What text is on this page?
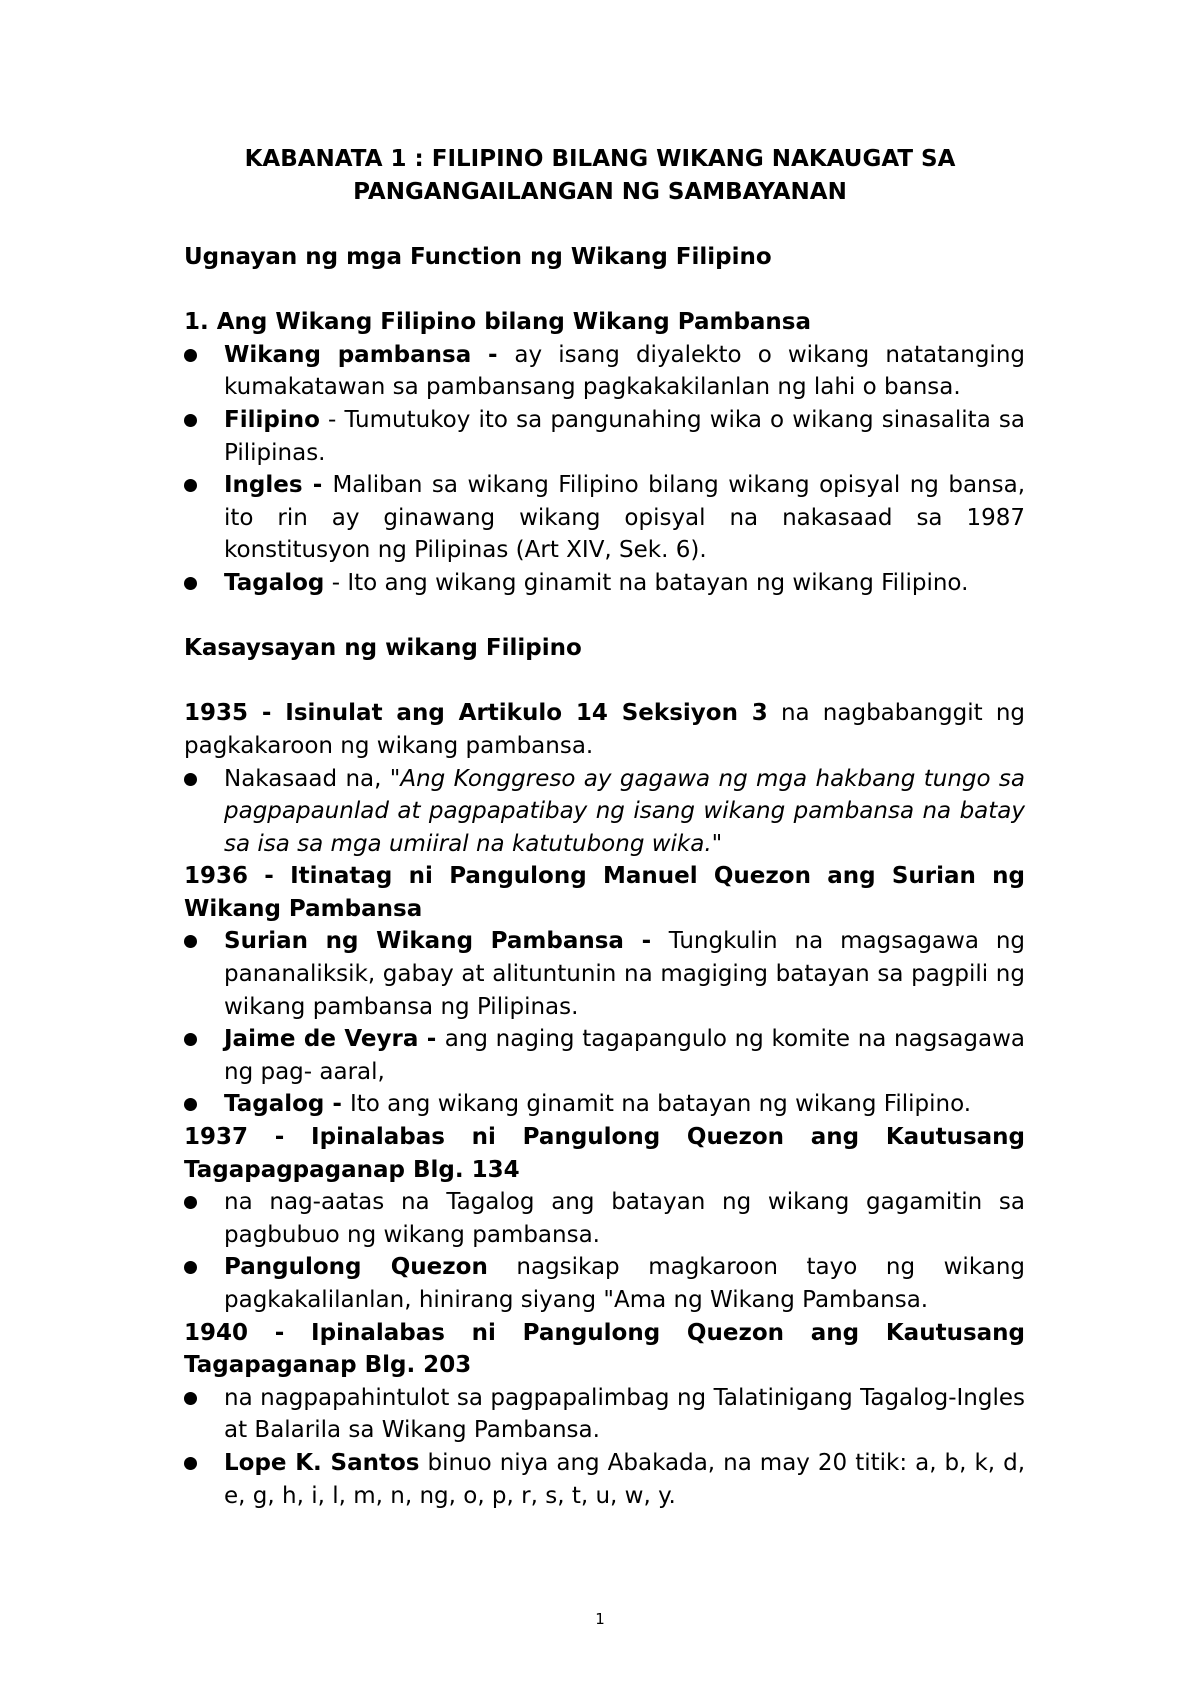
KABANATA 1 : FILIPINO BILANG WIKANG NAKAUGAT SA
PANGANGAILANGAN NG SAMBAYANAN

Ugnayan ng mga Function ng Wikang Filipino

1. Ang Wikang Filipino bilang Wikang Pambansa

Wikang pambansa - ay isang diyalekto o wikang natatanging kumakatawan sa pambansang pagkakakilanlan ng lahi o bansa.
Filipino - Tumutukoy ito sa pangunahing wika o wikang sinasalita sa Pilipinas.
Ingles - Maliban sa wikang Filipino bilang wikang opisyal ng bansa, ito rin ay ginawang wikang opisyal na nakasaad sa 1987 konstitusyon ng Pilipinas (Art XIV, Sek. 6).
Tagalog - Ito ang wikang ginamit na batayan ng wikang Filipino.

Kasaysayan ng wikang Filipino

1935 - Isinulat ang Artikulo 14 Seksiyon 3 na nagbabanggit ng pagkakaroon ng wikang pambansa.

Nakasaad na, "Ang Konggreso ay gagawa ng mga hakbang tungo sa pagpapaunlad at pagpapatibay ng isang wikang pambansa na batay sa isa sa mga umiiral na katutubong wika."

1936 - Itinatag ni Pangulong Manuel Quezon ang Surian ng Wikang Pambansa

Surian ng Wikang Pambansa - Tungkulin na magsagawa ng pananaliksik, gabay at alituntunin na magiging batayan sa pagpili ng wikang pambansa ng Pilipinas.
Jaime de Veyra - ang naging tagapangulo ng komite na nagsagawa ng pag- aaral,
Tagalog - Ito ang wikang ginamit na batayan ng wikang Filipino.

1937 - Ipinalabas ni Pangulong Quezon ang Kautusang Tagapagpaganap Blg. 134

na nag-aatas na Tagalog ang batayan ng wikang gagamitin sa pagbubuo ng wikang pambansa.
Pangulong Quezon nagsikap magkaroon tayo ng wikang pagkakalilanlan, hinirang siyang "Ama ng Wikang Pambansa.

1940 - Ipinalabas ni Pangulong Quezon ang Kautusang Tagapaganap Blg. 203

na nagpapahintulot sa pagpapalimbag ng Talatinigang Tagalog-Ingles at Balarila sa Wikang Pambansa.
Lope K. Santos binuo niya ang Abakada, na may 20 titik: a, b, k, d, e, g, h, i, l, m, n, ng, o, p, r, s, t, u, w, y.
1
